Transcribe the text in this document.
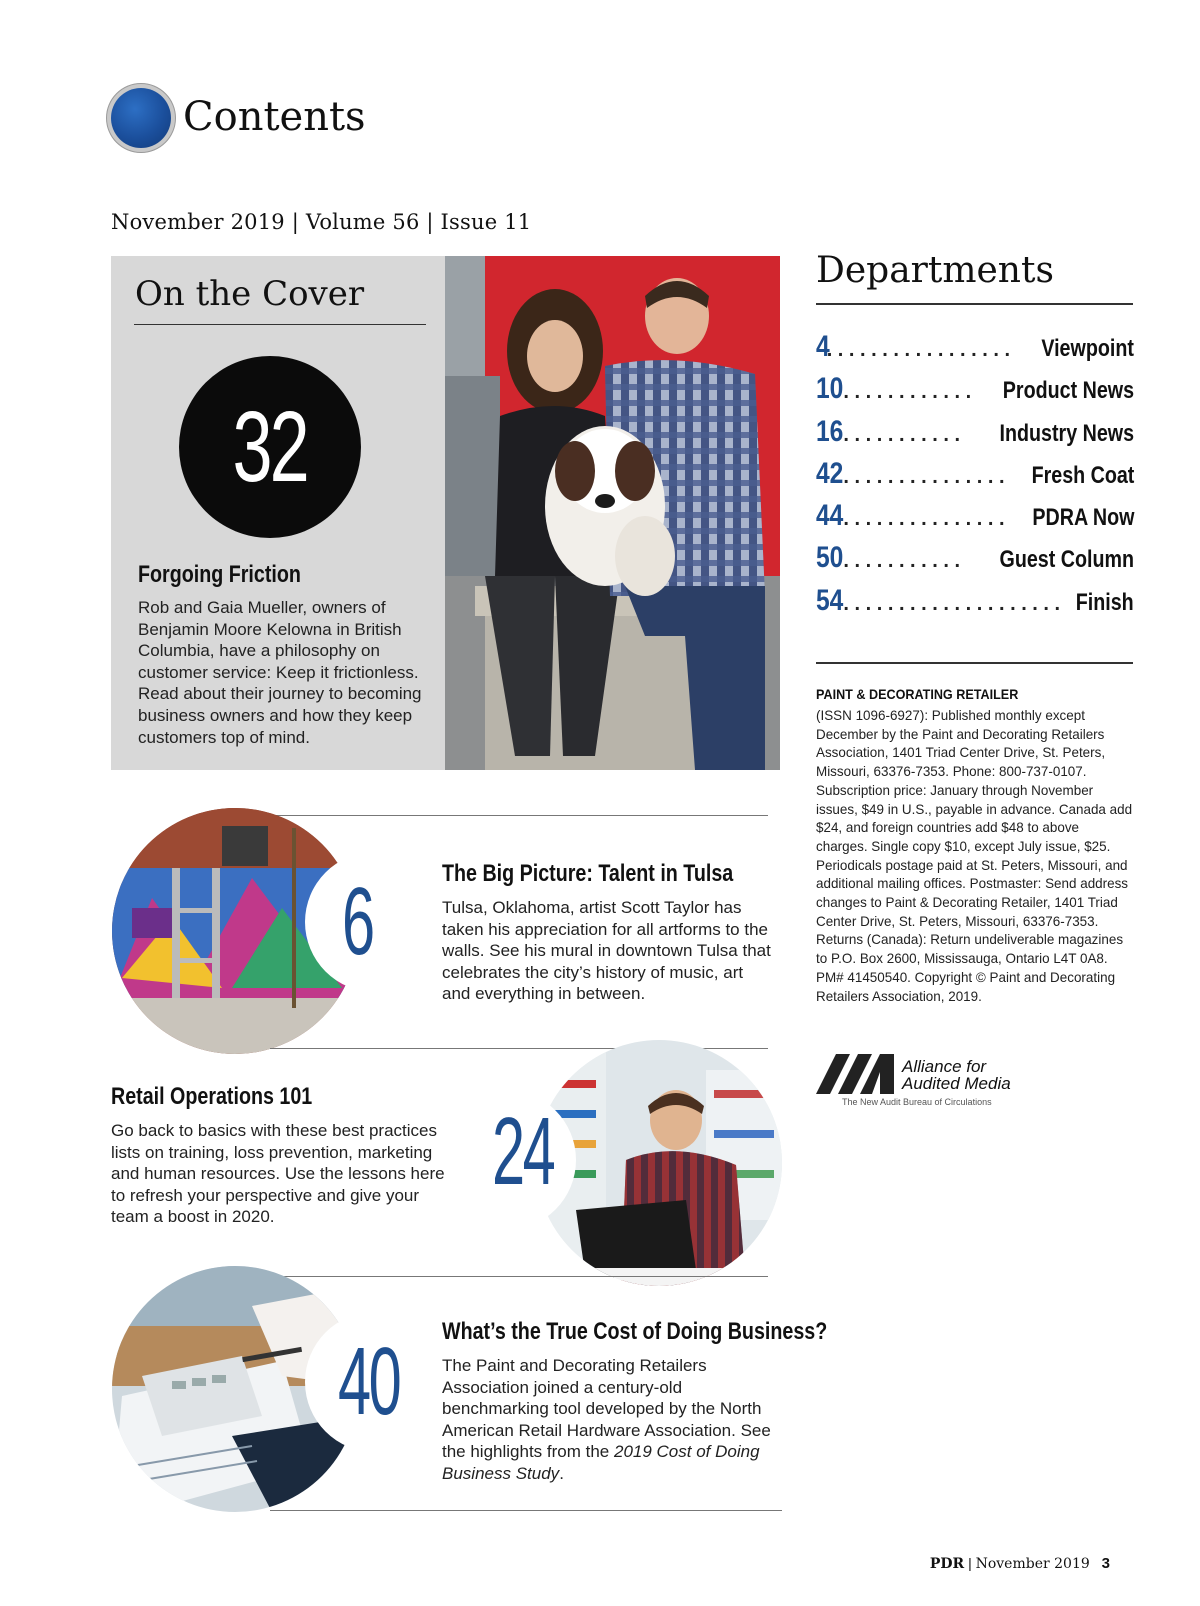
Contents
November 2019 | Volume 56 | Issue 11
On the Cover
32
Forgoing Friction
Rob and Gaia Mueller, owners of Benjamin Moore Kelowna in British Columbia, have a philosophy on customer service: Keep it frictionless. Read about their journey to becoming business owners and how they keep customers top of mind.
Departments
4 . . .	Viewpoint
10 . . .	Product News
16 . . .	Industry News
42 . . .	Fresh Coat
44 . . .	PDRA Now
50 . . .	Guest Column
54 . . .	Finish
PAINT & DECORATING RETAILER
(ISSN 1096-6927): Published monthly except December by the Paint and Decorating Retailers Association, 1401 Triad Center Drive, St. Peters, Missouri, 63376-7353. Phone: 800-737-0107. Subscription price: January through November issues, $49 in U.S., payable in advance. Canada add $24, and foreign countries add $48 to above charges. Single copy $10, except July issue, $25. Periodicals postage paid at St. Peters, Missouri, and additional mailing offices. Postmaster: Send address changes to Paint & Decorating Retailer, 1401 Triad Center Drive, St. Peters, Missouri, 63376-7353. Returns (Canada): Return undeliverable magazines to P.O. Box 2600, Mississauga, Ontario L4T 0A8. PM# 41450540. Copyright © Paint and Decorating Retailers Association, 2019.
Alliance for
Audited Media
The New Audit Bureau of Circulations
6	The Big Picture: Talent in Tulsa
Tulsa, Oklahoma, artist Scott Taylor has taken his appreciation for all artforms to the walls. See his mural in downtown Tulsa that celebrates the city’s history of music, art and everything in between.
24
Retail Operations 101
Go back to basics with these best practices lists on training, loss prevention, marketing and human resources. Use the lessons here to refresh your perspective and give your team a boost in 2020.
40 What’s the True Cost of Doing Business?
The Paint and Decorating Retailers Association joined a century-old benchmarking tool developed by the North American Retail Hardware Association. See the highlights from the 2019 Cost of Doing Business Study.
PDR | November 2019 3
